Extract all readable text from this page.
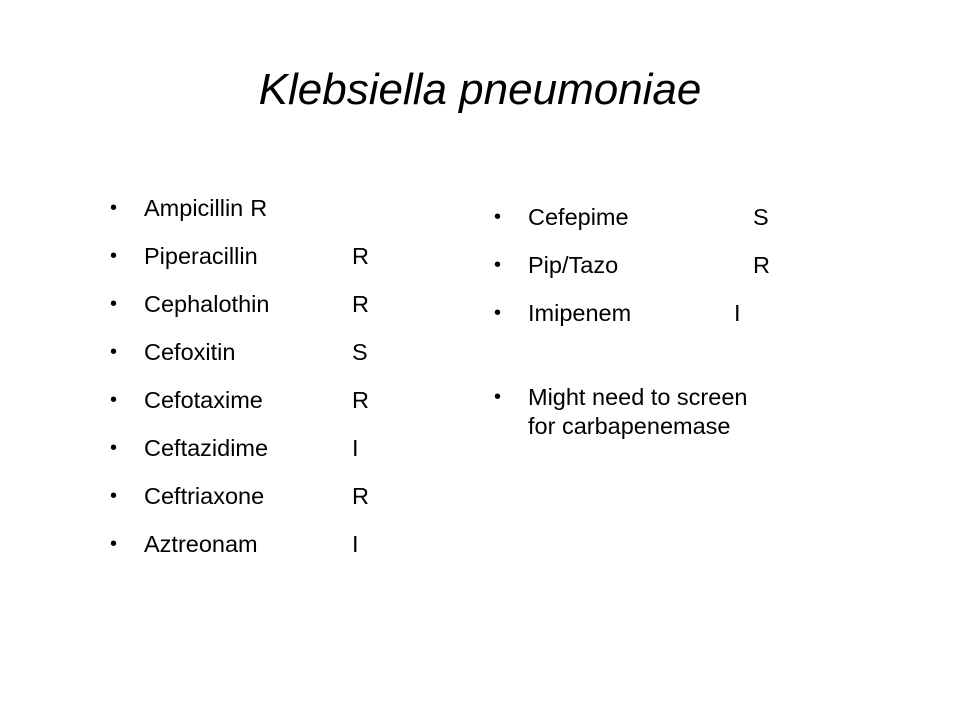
Klebsiella pneumoniae
• Ampicillin R
• Piperacillin	R
• Cephalothin	R
• Cefoxitin	S
• Cefotaxime	R
• Ceftazidime	I
• Ceftriaxone	R
• Aztreonam	I
• Cefepime	S
• Pip/Tazo	R
• Imipenem	I
• Might need to screen for carbapenemase
